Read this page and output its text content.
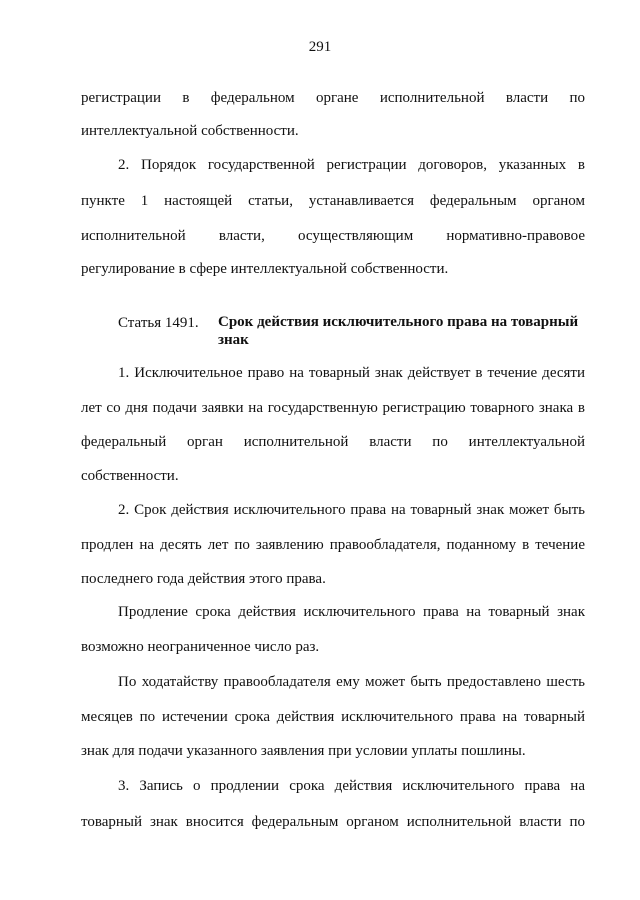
291
регистрации в федеральном органе исполнительной власти по
интеллектуальной собственности.
2. Порядок государственной регистрации договоров, указанных в
пункте 1 настоящей статьи, устанавливается федеральным органом
исполнительной власти, осуществляющим нормативно-правовое
регулирование в сфере интеллектуальной собственности.
Статья 1491. Срок действия исключительного права на товарный знак
1. Исключительное право на товарный знак действует в течение десяти
лет со дня подачи заявки на государственную регистрацию товарного знака в
федеральный орган исполнительной власти по интеллектуальной
собственности.
2. Срок действия исключительного права на товарный знак может быть
продлен на десять лет по заявлению правообладателя, поданному в течение
последнего года действия этого права.
Продление срока действия исключительного права на товарный знак
возможно неограниченное число раз.
По ходатайству правообладателя ему может быть предоставлено шесть
месяцев по истечении срока действия исключительного права на товарный
знак для подачи указанного заявления при условии уплаты пошлины.
3. Запись о продлении срока действия исключительного права на
товарный знак вносится федеральным органом исполнительной власти по
